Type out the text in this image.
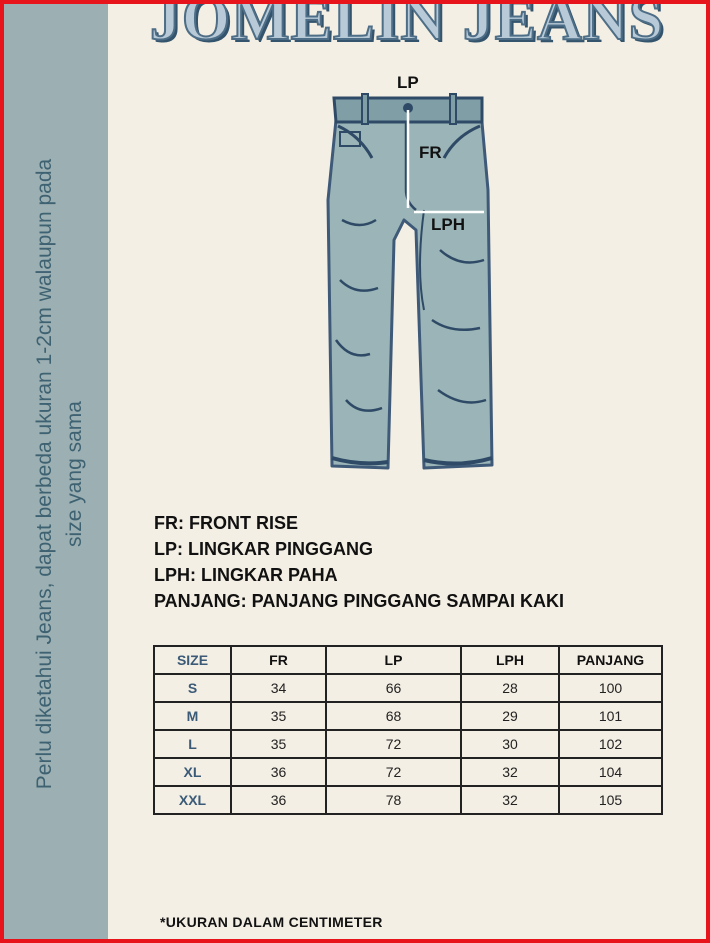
Perlu diketahui Jeans, dapat berbeda ukuran 1-2cm walaupun pada size yang sama
JOMELIN JEANS
LP
FR
LPH
FR: FRONT RISE
LP: LINGKAR PINGGANG
LPH: LINGKAR PAHA
PANJANG: PANJANG PINGGANG SAMPAI KAKI
SIZE	FR	LP	LPH	PANJANG
S	34	66	28	100
M	35	68	29	101
L	35	72	30	102
XL	36	72	32	104
XXL	36	78	32	105
*UKURAN DALAM CENTIMETER
